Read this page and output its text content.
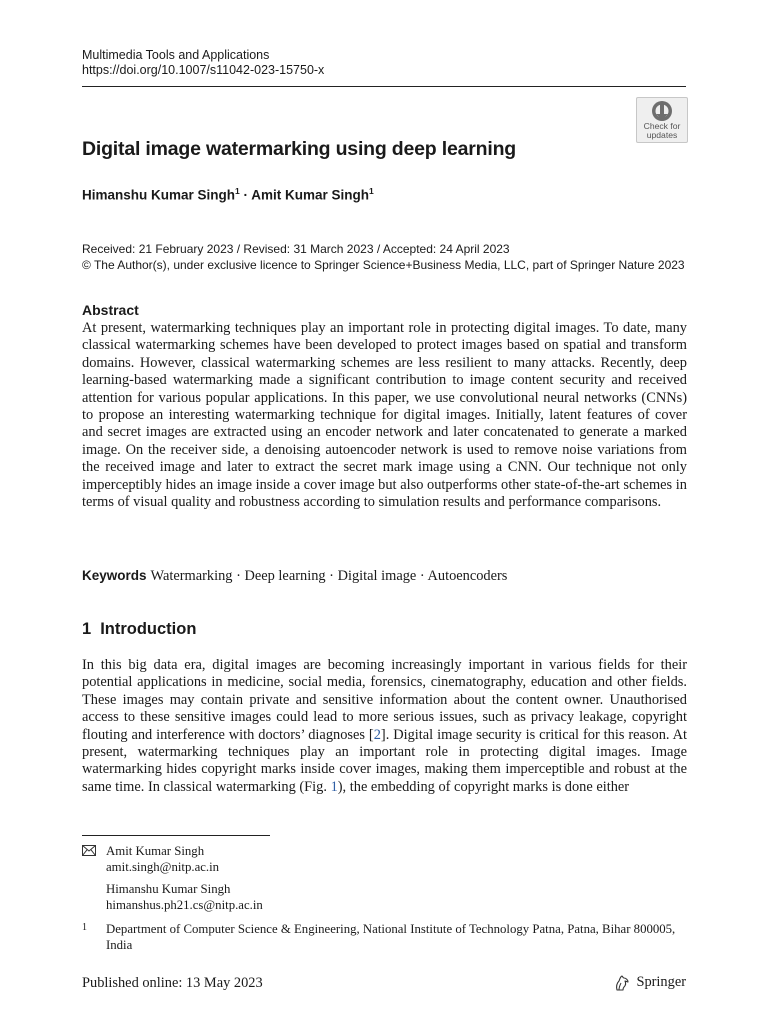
Multimedia Tools and Applications
https://doi.org/10.1007/s11042-023-15750-x
Check for
updates
Digital image watermarking using deep learning
Himanshu Kumar Singh$^1$ · Amit Kumar Singh$^1$
Received: 21 February 2023 / Revised: 31 March 2023 / Accepted: 24 April 2023
© The Author(s), under exclusive licence to Springer Science+Business Media, LLC, part of Springer Nature 2023
Abstract
At present, watermarking techniques play an important role in protecting digital images. To date, many classical watermarking schemes have been developed to protect images based on spatial and transform domains. However, classical watermarking schemes are less resilient to many attacks. Recently, deep learning-based watermarking made a significant contribution to image content security and received attention for various popular applications. In this paper, we use convolutional neural networks (CNNs) to propose an interesting watermarking technique for digital images. Initially, latent features of cover and secret images are extracted using an encoder network and later concatenated to generate a marked image. On the receiver side, a denoising autoencoder network is used to remove noise variations from the received image and later to extract the secret mark image using a CNN. Our technique not only imperceptibly hides an image inside a cover image but also outperforms other state-of-the-art schemes in terms of visual quality and robustness according to simulation results and performance comparisons.
Keywords Watermarking · Deep learning · Digital image · Autoencoders
1 Introduction
In this big data era, digital images are becoming increasingly important in various fields for their potential applications in medicine, social media, forensics, cinematography, education and other fields. These images may contain private and sensitive information about the content owner. Unauthorised access to these sensitive images could lead to more serious issues, such as privacy leakage, copyright flouting and interference with doctors’ diagnoses [2]. Digital image security is critical for this reason. At present, watermarking techniques play an important role in protecting digital images. Image watermarking hides copyright marks inside cover images, making them imperceptible and robust at the same time. In classical watermarking (Fig. 1), the embedding of copyright marks is done either
Amit Kumar Singh
amit.singh@nitp.ac.in
Himanshu Kumar Singh
himanshus.ph21.cs@nitp.ac.in
1 Department of Computer Science & Engineering, National Institute of Technology Patna, Patna, Bihar 800005, India
Published online: 13 May 2023	Springer
